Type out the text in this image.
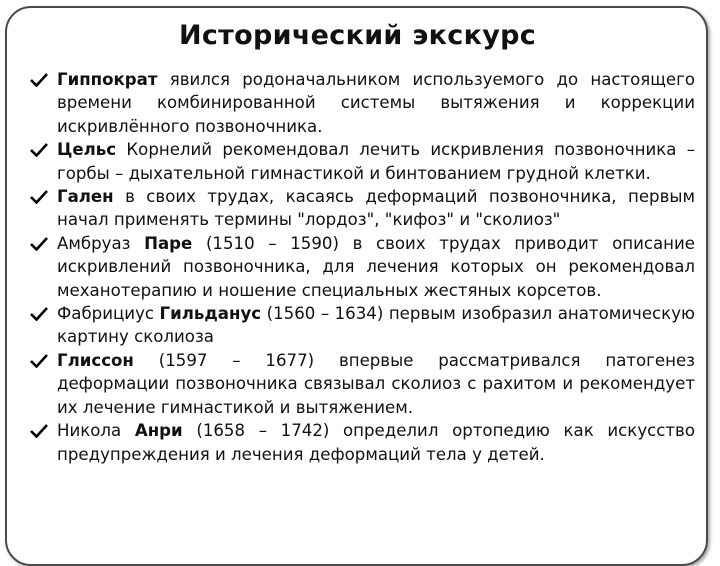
Исторический экскурс
Гиппократ явился родоначальником используемого до настоящего времени комбинированной системы вытяжения и коррекции искривлённого позвоночника.
Цельс Корнелий рекомендовал лечить искривления позвоночника – горбы – дыхательной гимнастикой и бинтованием грудной клетки.
Гален в своих трудах, касаясь деформаций позвоночника, первым начал применять термины "лордоз", "кифоз" и "сколиоз"
Амбруаз Паре (1510 – 1590) в своих трудах приводит описание искривлений позвоночника, для лечения которых он рекомендовал механотерапию и ношение специальных жестяных корсетов.
Фабрициус Гильданус (1560 – 1634) первым изобразил анатомическую картину сколиоза
Глиссон (1597 – 1677) впервые рассматривался патогенез деформации позвоночника связывал сколиоз с рахитом и рекомендует их лечение гимнастикой и вытяжением.
Никола Анри (1658 – 1742) определил ортопедию как искусство предупреждения и лечения деформаций тела у детей.
